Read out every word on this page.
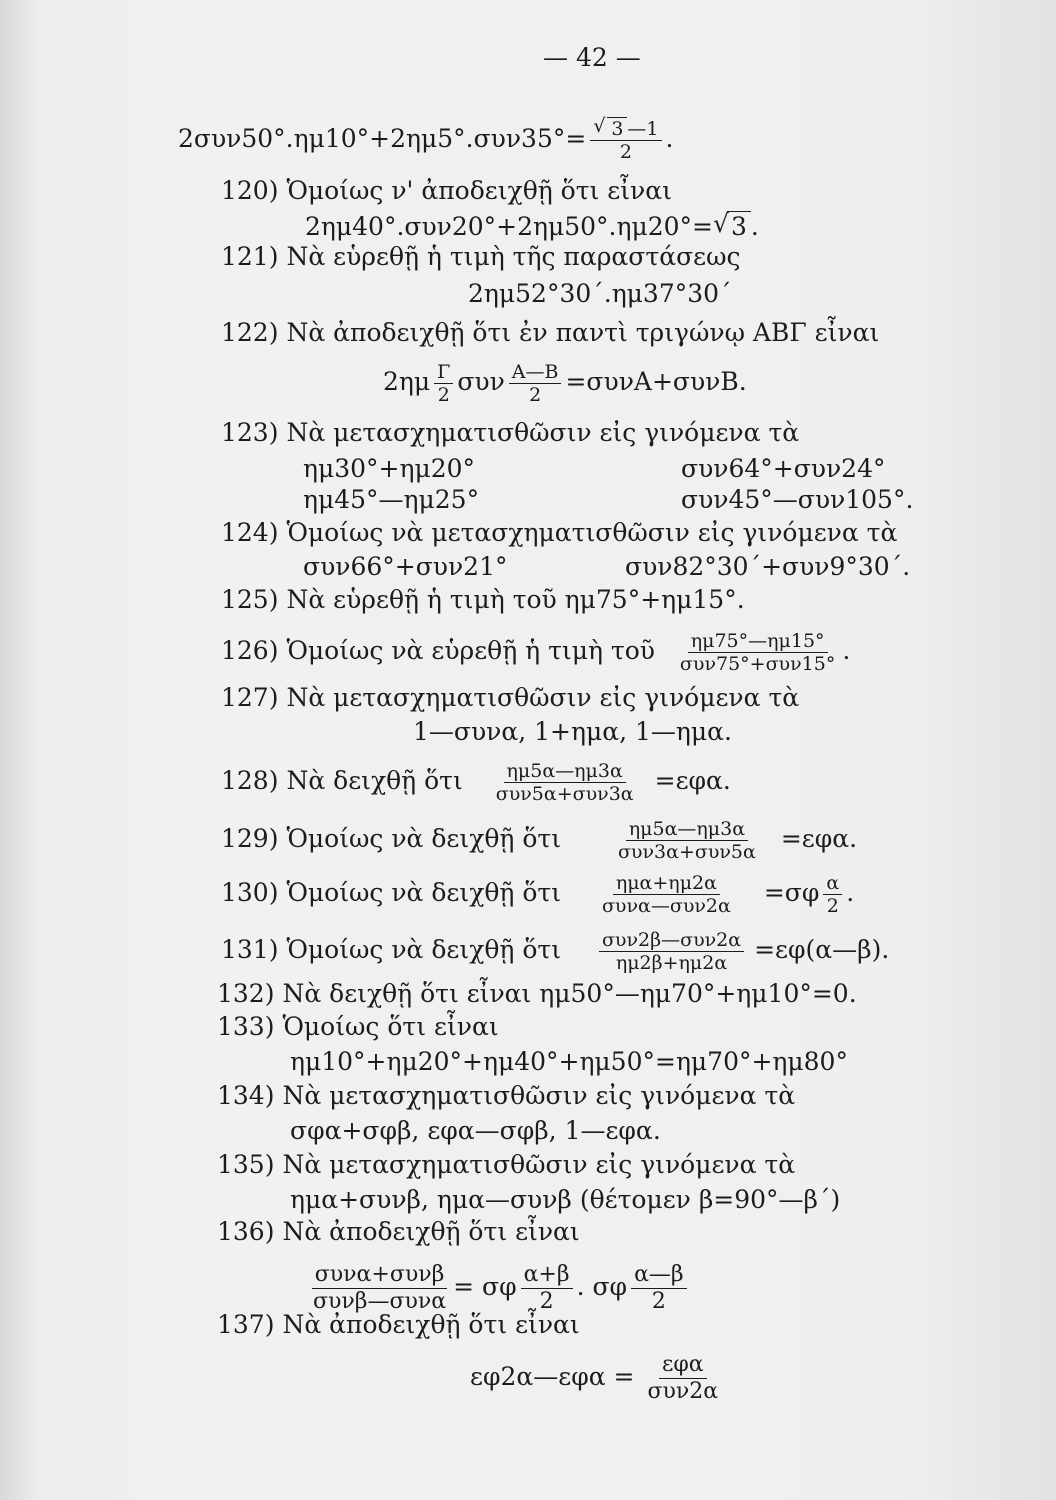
— 42 —
2συν50°.ημ10°+2ημ5°.συν35°= √ $\frac{3 —1}{2}$ .
120) Ὁμοίως ν' ἀποδειχθῇ ὅτι εἶναι
2ημ40°.συν20°+2ημ50°.ημ20°= √ 3 .
121) Νὰ εὑρεθῇ ἡ τιμὴ τῆς παραστάσεως
2ημ52°30΄.ημ37°30΄
122) Νὰ ἀποδειχθῇ ὅτι ἐν παντὶ τριγώνῳ ΑΒΓ εἶναι
$2\eta\mu \frac{\Gamma}{2}$ συν $\frac{A—B}{2} =\sigma\upsilon\nu A+\sigma\upsilon\nu B$.
123) Νὰ μετασχηματισθῶσιν εἰς γινόμενα τὰ
ημ30°+ημ20°	συν64°+συν24°
ημ45°—ημ25°	συν45°—συν105°.
124) Ὁμοίως νὰ μετασχηματισθῶσιν εἰς γινόμενα τὰ
συν66°+συν21°	συν82°30΄+συν9°30΄.
125) Νὰ εὑρεθῇ ἡ τιμὴ τοῦ ημ75°+ημ15°.
126) Ὁμοίως νὰ εὑρεθῇ ἡ τιμὴ τοῦ $\frac{\eta\mu 75^\circ—\eta\mu 15^\circ}{\text{συν75°+συν15°}}$ .
127) Νὰ μετασχηματισθῶσιν εἰς γινόμενα τὰ
1—συνα, 1+ημα, 1—ημα.
128) Νὰ δειχθῇ ὅτι $\frac{\eta\mu 5\alpha—\eta\mu 3\alpha}{\text{συν5α+συν3α}} =\varepsilon\varphi\alpha$.
129) Ὁμοίως νὰ δειχθῇ ὅτι	$\frac{\eta\mu 5\alpha—\eta\mu 3\alpha}{\text{συν3α+συν5α}} =\varepsilon\varphi\alpha$.
130) Ὁμοίως νὰ δειχθῇ ὅτι $\frac{\text{ημα+ημ2α}}{\text{συνα—συν2α}} =\sigma\varphi \frac{\alpha}{2}$ .
131) Ὁμοίως νὰ δειχθῇ ὅτι $\frac{\text{συν2β—συν2α}}{\eta\mu 2\beta+\eta\mu 2\alpha}$ =εφ(α—β).
132) Νὰ δειχθῇ ὅτι εἶναι ημ50°—ημ70°+ημ10°=0.
133) Ὁμοίως ὅτι εἶναι
ημ10°+ημ20°+ημ40°+ημ50°=ημ70°+ημ80°
134) Νὰ μετασχηματισθῶσιν εἰς γινόμενα τὰ
σφα+σφβ, εφα—σφβ, 1—εφα.
135) Νὰ μετασχηματισθῶσιν εἰς γινόμενα τὰ
ημα+συνβ, ημα—συνβ (θέτομεν β=90°—β΄)
136) Νὰ ἀποδειχθῇ ὅτι εἶναι
$\frac{\text{συνα+συνβ}}{\text{συνβ—συνα}} = \sigma\varphi \frac{\alpha+\beta}{2}$ . σφ $\frac{\alpha—\beta}{2}$
137) Νὰ ἀποδειχθῇ ὅτι εἶναι
εφ2α—εφα = $\frac{\text{εφα}}{\text{συν2α}}$
